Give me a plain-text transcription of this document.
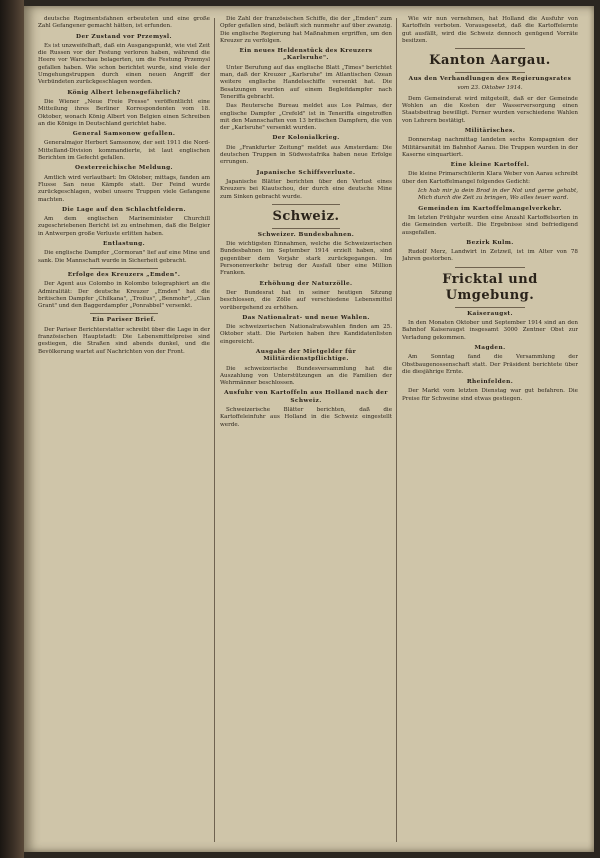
deutsche Regimentsfahnen erbeuteten und eine große Zahl Gefangener gemacht hätten, ist erfunden.

Der Zustand vor Przemysl.

Es ist unzweifelhaft, daß ein Ausgangspunkt, wie viel Zeit die Russen vor der Festung verloren haben, während die Heere vor Warschau belagerten, um die Festung Przemysl gefallen haben. Wie schon berichtet wurde, sind viele der Umgehungstruppen durch einen neuen Angriff der Verbündeten zurückgeschlagen worden.

König Albert lebensgefährlich?

Die Wiener „Neue Freie Presse" veröffentlicht eine Mitteilung ihres Berliner Korrespondenten vom 18. Oktober, wonach König Albert von Belgien einen Schreiben an die Könige in Deutschland gerichtet habe.

General Samsonow gefallen.

Generalmajor Herbert Samsonow, der seit 1911 die Nord-Mittelland-Division kommandierte, ist laut englischen Berichten im Gefecht gefallen.

Oesterreichische Meldung.

Amtlich wird verlautbart: Im Oktober, mittags, fanden am Flusse San neue Kämpfe statt. Der Feind wurde zurückgeschlagen, wobei unsere Truppen viele Gefangene machten.

Die Lage auf den Schlachtfeldern.

Am dem englischen Marineminister Churchill zugeschriebenen Bericht ist zu entnehmen, daß die Belgier in Antwerpen große Verluste erlitten haben.

Entlastung.

Die englische Dampfer „Cormoran" lief auf eine Mine und sank. Die Mannschaft wurde in Sicherheit gebracht.

Erfolge des Kreuzers „Emden".

Der Agent aus Colombo in Kolombo telegraphiert an die Admiralität: Der deutsche Kreuzer „Emden" hat die britischen Dampfer „Chilkana", „Troilus", „Benmohr", „Clan Grant" und den Baggerdampfer „Ponrabbel" versenkt.

Ein Pariser Brief.

Der Pariser Berichterstatter schreibt über die Lage in der französischen Hauptstadt: Die Lebensmittelpreise sind gestiegen, die Straßen sind abends dunkel, und die Bevölkerung wartet auf Nachrichten von der Front.

Die Zahl der französischen Schiffe, die der „Emden" zum Opfer gefallen sind, beläuft sich nunmehr auf über zwanzig. Die englische Regierung hat Maßnahmen ergriffen, um den Kreuzer zu verfolgen.

Ein neues Heldenstück des Kreuzers „Karlsruhe".

Unter Berufung auf das englische Blatt „Times" berichtet man, daß der Kreuzer „Karlsruhe" im Atlantischen Ozean weitere englische Handelsschiffe versenkt hat. Die Besatzungen wurden auf einem Begleitdampfer nach Teneriffa gebracht.

Das Reutersche Bureau meldet aus Los Palmas, der englische Dampfer „Crefeld" ist in Teneriffa eingetroffen mit den Mannschaften von 13 britischen Dampfern, die von der „Karlsruhe" versenkt wurden.

Der Kolonialkrieg.

Die „Frankfurter Zeitung" meldet aus Amsterdam: Die deutschen Truppen in Südwestafrika haben neue Erfolge errungen.

Japanische Schiffsverluste.

Japanische Blätter berichten über den Verlust eines Kreuzers bei Kiautschou, der durch eine deutsche Mine zum Sinken gebracht wurde.

Schweiz.
Schweizer. Bundesbahnen.

Die wichtigsten Einnahmen, welche die Schweizerischen Bundesbahnen im September 1914 erzielt haben, sind gegenüber dem Vorjahr stark zurückgegangen. Im Personenverkehr betrug der Ausfall über eine Million Franken.

Erhöhung der Naturzölle.

Der Bundesrat hat in seiner heutigen Sitzung beschlossen, die Zölle auf verschiedene Lebensmittel vorübergehend zu erhöhen.

Das Nationalrat- und neue Wahlen.

Die schweizerischen Nationalratswahlen finden am 25. Oktober statt. Die Parteien haben ihre Kandidatenlisten eingereicht.

Ausgabe der Mietgelder für Militärdienstpflichtige.

Die schweizerische Bundesversammlung hat die Auszahlung von Unterstützungen an die Familien der Wehrmänner beschlossen.

Ausfuhr von Kartoffeln aus Holland nach der Schweiz.

Schweizerische Blätter berichten, daß die Kartoffeleinfuhr aus Holland in die Schweiz eingestellt werde.

Wie wir nun vernehmen, hat Holland die Ausfuhr von Kartoffeln verboten. Vorausgesetzt, daß die Kartoffelernte gut ausfällt, wird die Schweiz dennoch genügend Vorräte besitzen.

Kanton Aargau.
Aus den Verhandlungen des Regierungsrates

vom 23. Oktober 1914.

Dem Gemeinderat wird mitgeteilt, daß er der Gemeinde Wohlen an die Kosten der Wasserversorgung einen Staatsbeitrag bewilligt. Ferner wurden verschiedene Wahlen von Lehrern bestätigt.

Militärisches.

Donnerstag nachmittag landeten sechs Kompagnien der Militärsanität im Bahnhof Aarau. Die Truppen wurden in der Kaserne einquartiert.

Eine kleine Kartoffel.

Die kleine Primarschülerin Klara Weber von Aarau schreibt über den Kartoffelmangel folgendes Gedicht:

Ich hab mir ja dein Brod in der Not und gerne gehabt, Mich durch die Zeit zu bringen, Wo alles teuer ward.

Gemeinden im Kartoffelmangelverkehr.

Im letzten Frühjahr wurden eine Anzahl Kartoffelsorten in die Gemeinden verteilt. Die Ergebnisse sind befriedigend ausgefallen.

Bezirk Kulm.

Rudolf Merz, Landwirt in Zetzwil, ist im Alter von 78 Jahren gestorben.

Fricktal und Umgebung.
Kaiseraugst.

In den Monaten Oktober und September 1914 sind an den Bahnhof Kaiseraugst insgesamt 3000 Zentner Obst zur Verladung gekommen.

Magden.

Am Sonntag fand die Versammlung der Obstbaugenossenschaft statt. Der Präsident berichtete über die diesjährige Ernte.

Rheinfelden.

Der Markt vom letzten Dienstag war gut befahren. Die Preise für Schweine sind etwas gestiegen.
